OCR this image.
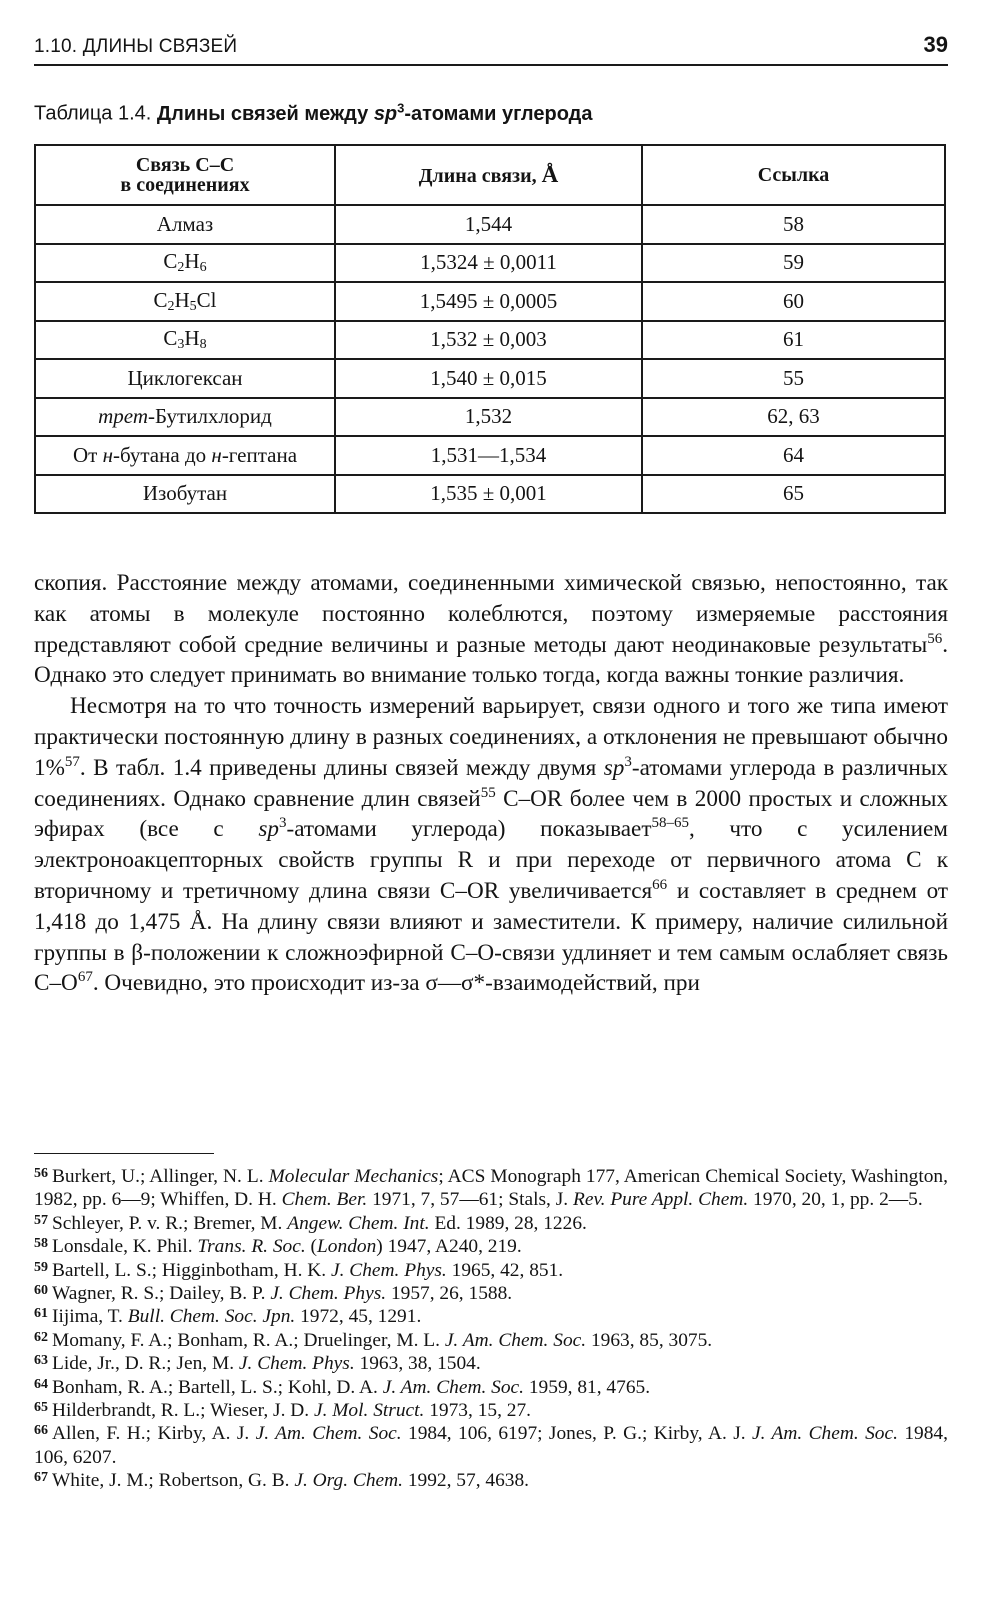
1.10. ДЛИНЫ СВЯЗЕЙ	39
Таблица 1.4. Длины связей между $sp^3$-атомами углерода
Связь С–С
в соединениях	Длина связи, Å	Ссылка
Алмаз	1,544	58
$C_2H_6$	1,5324 ± 0,0011	59
$C_2H_5Cl$	1,5495 ± 0,0005	60
$C_3H_8$	1,532 ± 0,003	61
Циклогексан	1,540 ± 0,015	55
трет-Бутилхлорид	1,532	62, 63
От н-бутана до н-гептана	1,531—1,534	64
Изобутан	1,535 ± 0,001	65

скопия. Расстояние между атомами, соединенными химической связью, непостоянно, так как атомы в молекуле постоянно колеблются, поэтому измеряемые расстояния представляют собой средние величины и разные методы дают неодинаковые результаты$^{56}$. Однако это следует принимать во внимание только тогда, когда важны тонкие различия.

Несмотря на то что точность измерений варьирует, связи одного и того же типа имеют практически постоянную длину в разных соединениях, а отклонения не превышают обычно 1%$^{57}$. В табл. 1.4 приведены длины связей между двумя $sp^3$-атомами углерода в различных соединениях. Однако сравнение длин связей$^{55}$ C–OR более чем в 2000 простых и сложных эфирах (все с $sp^3$-атомами углерода) показывает$^{58-65}$, что с усилением электроноакцепторных свойств группы R и при переходе от первичного атома С к вторичному и третичному длина связи C–OR увеличивается$^{66}$ и составляет в среднем от 1,418 до 1,475 Å. На длину связи влияют и заместители. К примеру, наличие силильной группы в β-положении к сложноэфирной С–О-связи удлиняет и тем самым ослабляет связь $С-О^{67}$. Очевидно, это происходит из-за σ—σ*-взаимодействий, при

$^{56}$ Burkert, U.; Allinger, N. L. Molecular Mechanics; ACS Monograph 177, American Chemical Society, Washington, 1982, pp. 6—9; Whiffen, D. H. Chem. Ber. 1971, 7, 57—61; Stals, J. Rev. Pure Appl. Chem. 1970, 20, 1, pp. 2—5.

$^{57}$ Schleyer, P. v. R.; Bremer, M. Angew. Chem. Int. Ed. 1989, 28, 1226.

$^{58}$ Lonsdale, K. Phil. Trans. R. Soc. (London) 1947, A240, 219.

$^{59}$ Bartell, L. S.; Higginbotham, H. K. J. Chem. Phys. 1965, 42, 851.

$^{60}$ Wagner, R. S.; Dailey, B. P. J. Chem. Phys. 1957, 26, 1588.

$^{61}$ Iijima, T. Bull. Chem. Soc. Jpn. 1972, 45, 1291.

$^{62}$ Momany, F. A.; Bonham, R. A.; Druelinger, M. L. J. Am. Chem. Soc. 1963, 85, 3075.

$^{63}$ Lide, Jr., D. R.; Jen, M. J. Chem. Phys. 1963, 38, 1504.

$^{64}$ Bonham, R. A.; Bartell, L. S.; Kohl, D. A. J. Am. Chem. Soc. 1959, 81, 4765.

$^{65}$ Hilderbrandt, R. L.; Wieser, J. D. J. Mol. Struct. 1973, 15, 27.

$^{66}$ Allen, F. H.; Kirby, A. J. J. Am. Chem. Soc. 1984, 106, 6197; Jones, P. G.; Kirby, A. J. J. Am. Chem. Soc. 1984, 106, 6207.

$^{67}$ White, J. M.; Robertson, G. B. J. Org. Chem. 1992, 57, 4638.
